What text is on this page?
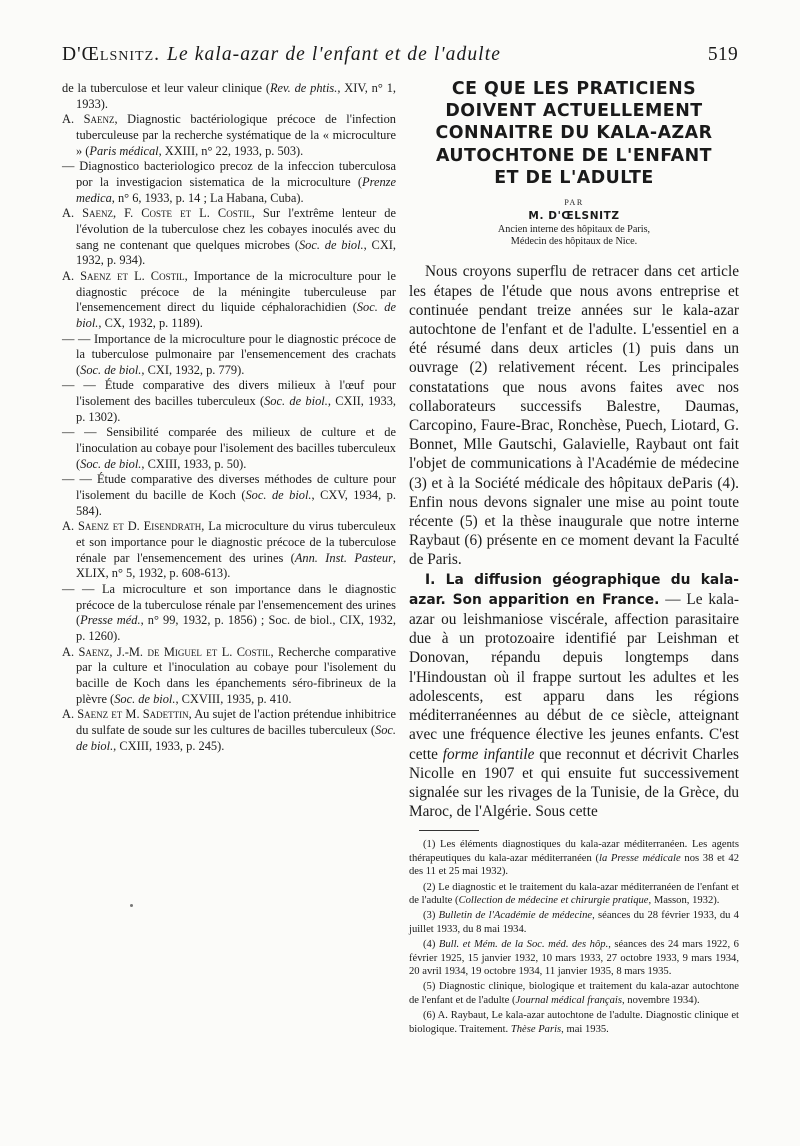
D'Œlsnitz. Le kala-azar de l'enfant et de l'adulte	519

de la tuberculose et leur valeur clinique (Rev. de phtis., XIV, n° 1, 1933).

A. Saenz, Diagnostic bactériologique précoce de l'infection tuberculeuse par la recherche systématique de la « microculture » (Paris médical, XXIII, n° 22, 1933, p. 503).

— Diagnostico bacteriologico precoz de la infeccion tuberculosa por la investigacion sistematica de la microculture (Prenze medica, n° 6, 1933, p. 14 ; La Habana, Cuba).

A. Saenz, F. Coste et L. Costil, Sur l'extrême lenteur de l'évolution de la tuberculose chez les cobayes inoculés avec du sang ne contenant que quelques microbes (Soc. de biol., CXI, 1932, p. 934).

A. Saenz et L. Costil, Importance de la microculture pour le diagnostic précoce de la méningite tuberculeuse par l'ensemencement direct du liquide céphalorachidien (Soc. de biol., CX, 1932, p. 1189).

— — Importance de la microculture pour le diagnostic précoce de la tuberculose pulmonaire par l'ensemencement des crachats (Soc. de biol., CXI, 1932, p. 779).

— — Étude comparative des divers milieux à l'œuf pour l'isolement des bacilles tuberculeux (Soc. de biol., CXII, 1933, p. 1302).

— — Sensibilité comparée des milieux de culture et de l'inoculation au cobaye pour l'isolement des bacilles tuberculeux (Soc. de biol., CXIII, 1933, p. 50).

— — Étude comparative des diverses méthodes de culture pour l'isolement du bacille de Koch (Soc. de biol., CXV, 1934, p. 584).

A. Saenz et D. Eisendrath, La microculture du virus tuberculeux et son importance pour le diagnostic précoce de la tuberculose rénale par l'ensemencement des urines (Ann. Inst. Pasteur, XLIX, n° 5, 1932, p. 608-613).

— — La microculture et son importance dans le diagnostic précoce de la tuberculose rénale par l'ensemencement des urines (Presse méd., n° 99, 1932, p. 1856) ; Soc. de biol., CIX, 1932, p. 1260).

A. Saenz, J.-M. de Miguel et L. Costil, Recherche comparative par la culture et l'inoculation au cobaye pour l'isolement du bacille de Koch dans les épanchements séro-fibrineux de la plèvre (Soc. de biol., CXVIII, 1935, p. 410.

A. Saenz et M. Sadettin, Au sujet de l'action prétendue inhibitrice du sulfate de soude sur les cultures de bacilles tuberculeux (Soc. de biol., CXIII, 1933, p. 245).

CE QUE LES PRATICIENS
DOIVENT ACTUELLEMENT
CONNAITRE DU KALA-AZAR
AUTOCHTONE DE L'ENFANT
ET DE L'ADULTE
PAR
M. D'ŒLSNITZ
Ancien interne des hôpitaux de Paris,
Médecin des hôpitaux de Nice.

Nous croyons superflu de retracer dans cet article les étapes de l'étude que nous avons entreprise et continuée pendant treize années sur le kala-azar autochtone de l'enfant et de l'adulte. L'essentiel en a été résumé dans deux articles (1) puis dans un ouvrage (2) relativement récent. Les principales constatations que nous avons faites avec nos collaborateurs successifs Balestre, Daumas, Carcopino, Faure-Brac, Ronchèse, Puech, Liotard, G. Bonnet, Mlle Gautschi, Galavielle, Raybaut ont fait l'objet de communications à l'Académie de médecine (3) et à la Société médicale des hôpitaux deParis (4). Enfin nous devons signaler une mise au point toute récente (5) et la thèse inaugurale que notre interne Raybaut (6) présente en ce moment devant la Faculté de Paris.

I. La diffusion géographique du kala-azar. Son apparition en France. — Le kala-azar ou leishmaniose viscérale, affection parasitaire due à un protozoaire identifié par Leishman et Donovan, répandu depuis longtemps dans l'Hindoustan où il frappe surtout les adultes et les adolescents, est apparu dans les régions méditerranéennes au début de ce siècle, atteignant avec une fréquence élective les jeunes enfants. C'est cette forme infantile que reconnut et décrivit Charles Nicolle en 1907 et qui ensuite fut successivement signalée sur les rivages de la Tunisie, de la Grèce, du Maroc, de l'Algérie. Sous cette

(1) Les éléments diagnostiques du kala-azar méditerranéen. Les agents thérapeutiques du kala-azar méditerranéen (la Presse médicale nos 38 et 42 des 11 et 25 mai 1932).

(2) Le diagnostic et le traitement du kala-azar méditerranéen de l'enfant et de l'adulte (Collection de médecine et chirurgie pratique, Masson, 1932).

(3) Bulletin de l'Académie de médecine, séances du 28 février 1933, du 4 juillet 1933, du 8 mai 1934.

(4) Bull. et Mém. de la Soc. méd. des hôp., séances des 24 mars 1922, 6 février 1925, 15 janvier 1932, 10 mars 1933, 27 octobre 1933, 9 mars 1934, 20 avril 1934, 19 octobre 1934, 11 janvier 1935, 8 mars 1935.

(5) Diagnostic clinique, biologique et traitement du kala-azar autochtone de l'enfant et de l'adulte (Journal médical français, novembre 1934).

(6) A. Raybaut, Le kala-azar autochtone de l'adulte. Diagnostic clinique et biologique. Traitement. Thèse Paris, mai 1935.
